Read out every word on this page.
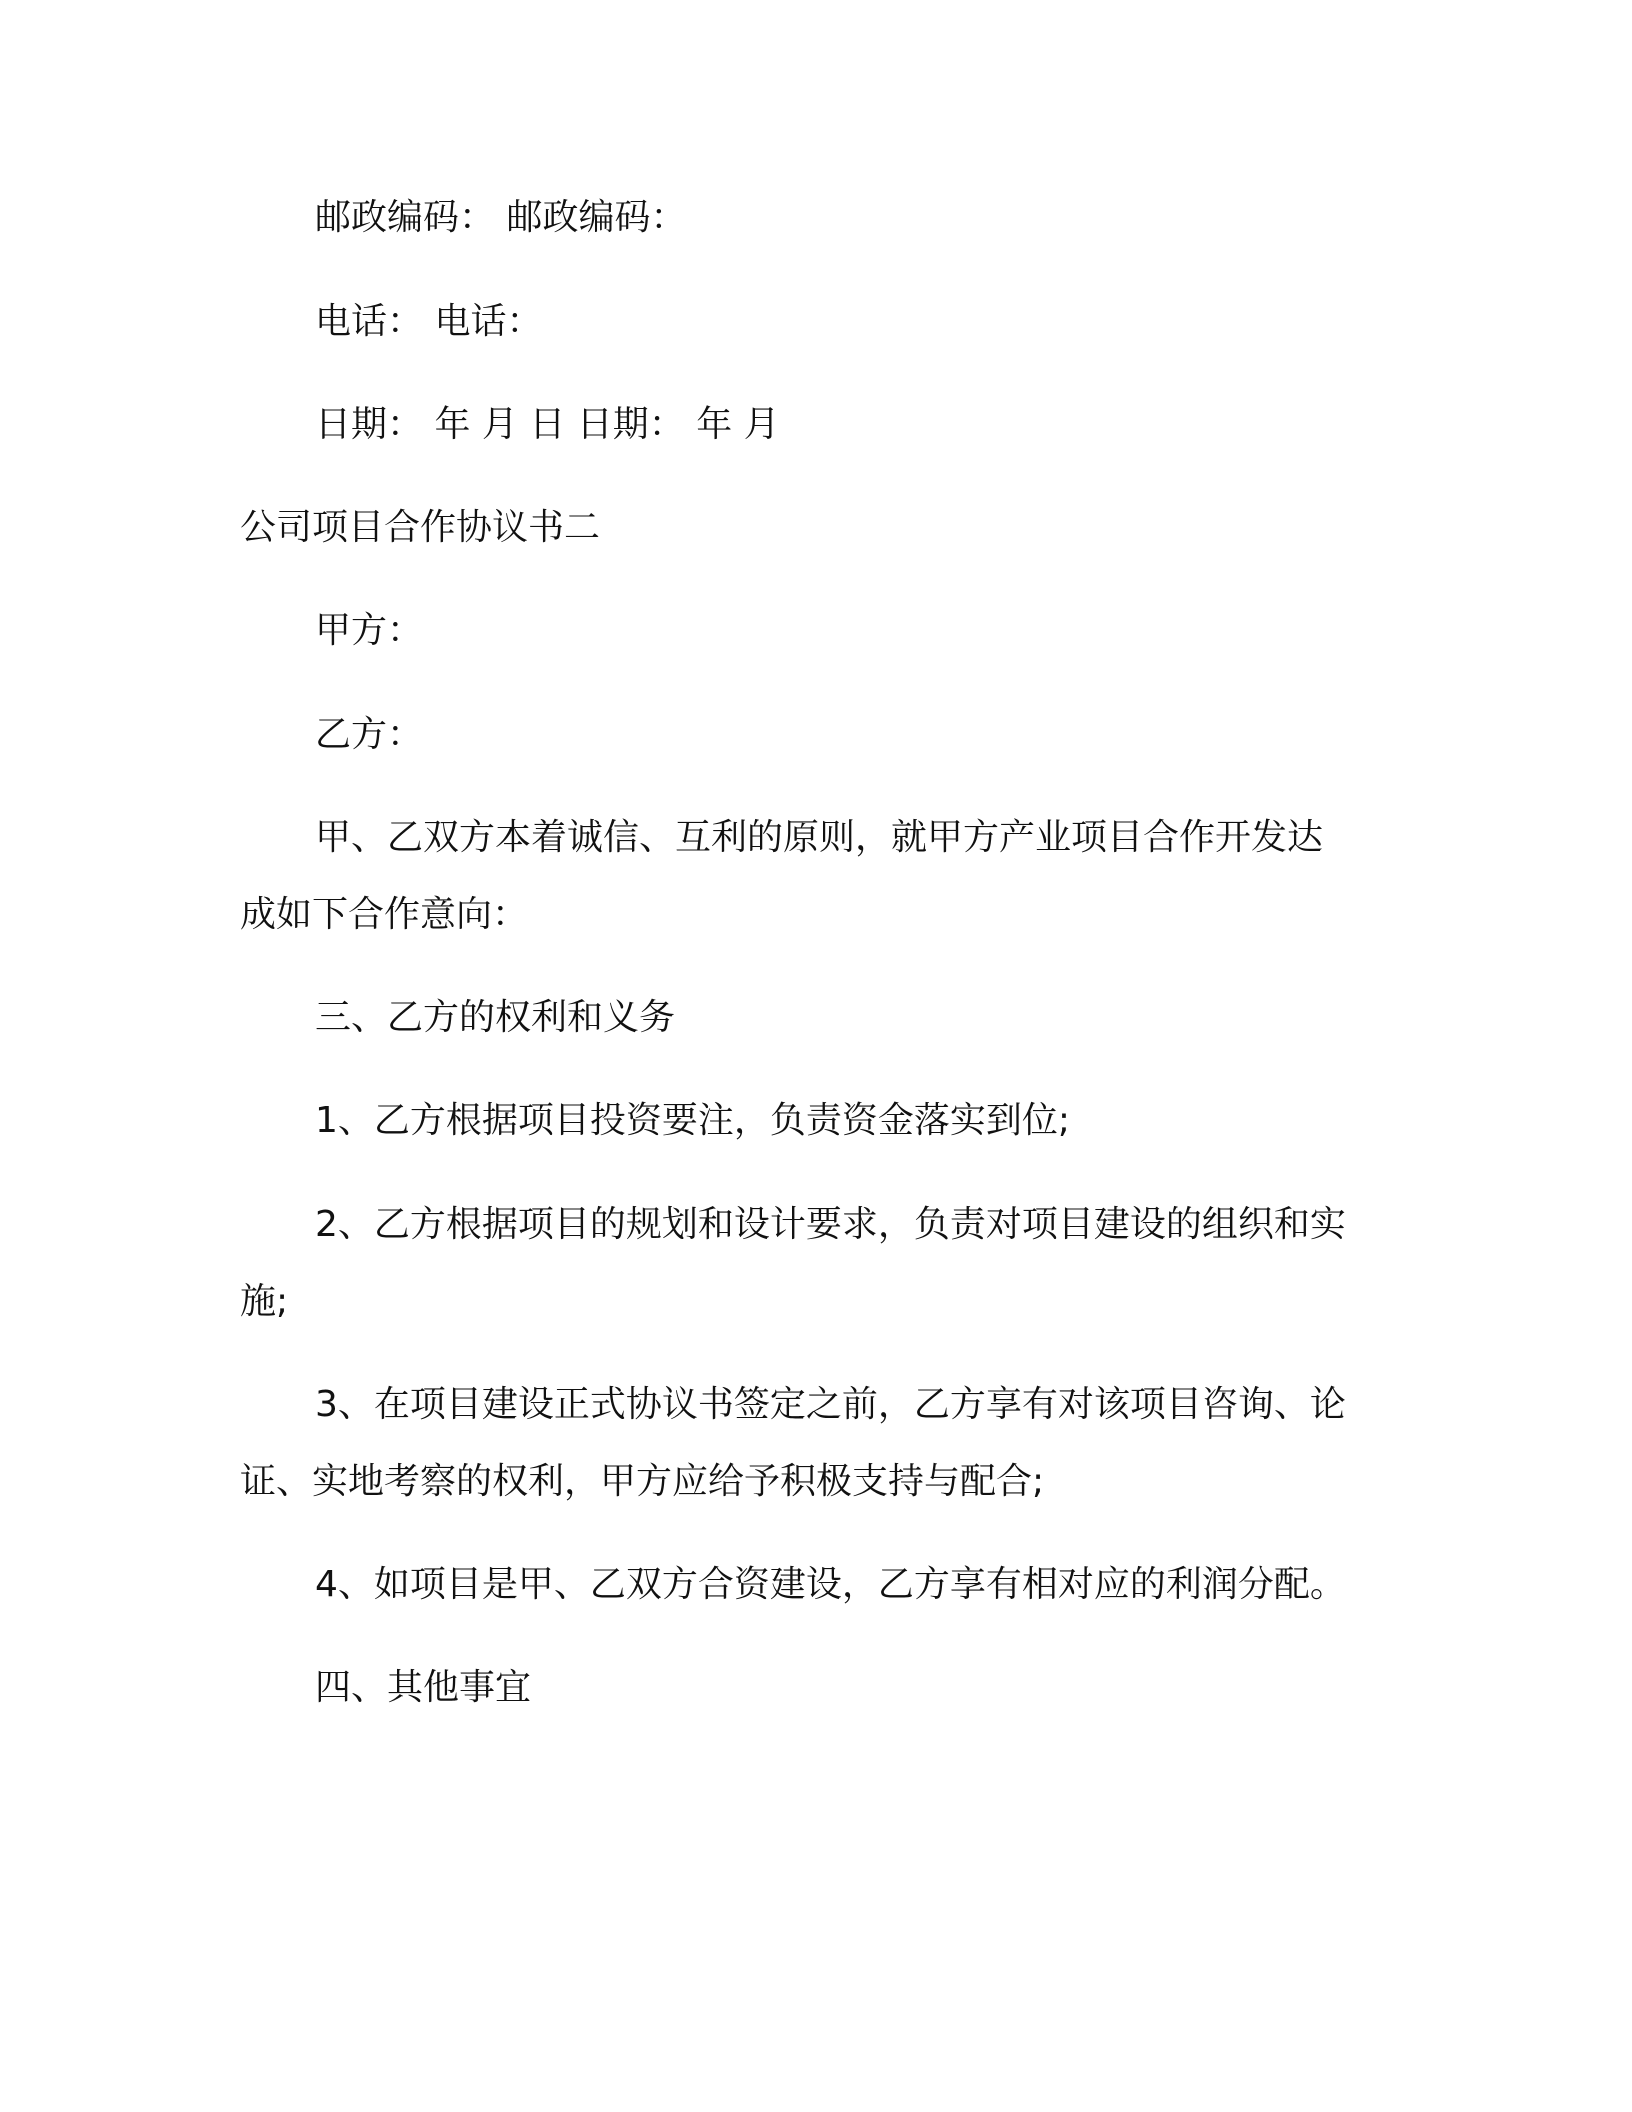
邮政编码： 邮政编码：
电话： 电话：
日期： 年 月 日 日期： 年 月
公司项目合作协议书二
甲方：
乙方：
甲、乙双方本着诚信、互利的原则，就甲方产业项目合作开发达
成如下合作意向：
三、乙方的权利和义务
1、乙方根据项目投资要注，负责资金落实到位;
2、乙方根据项目的规划和设计要求，负责对项目建设的组织和实
施;
3、在项目建设正式协议书签定之前，乙方享有对该项目咨询、论
证、实地考察的权利，甲方应给予积极支持与配合;
4、如项目是甲、乙双方合资建设，乙方享有相对应的利润分配。
四、其他事宜
